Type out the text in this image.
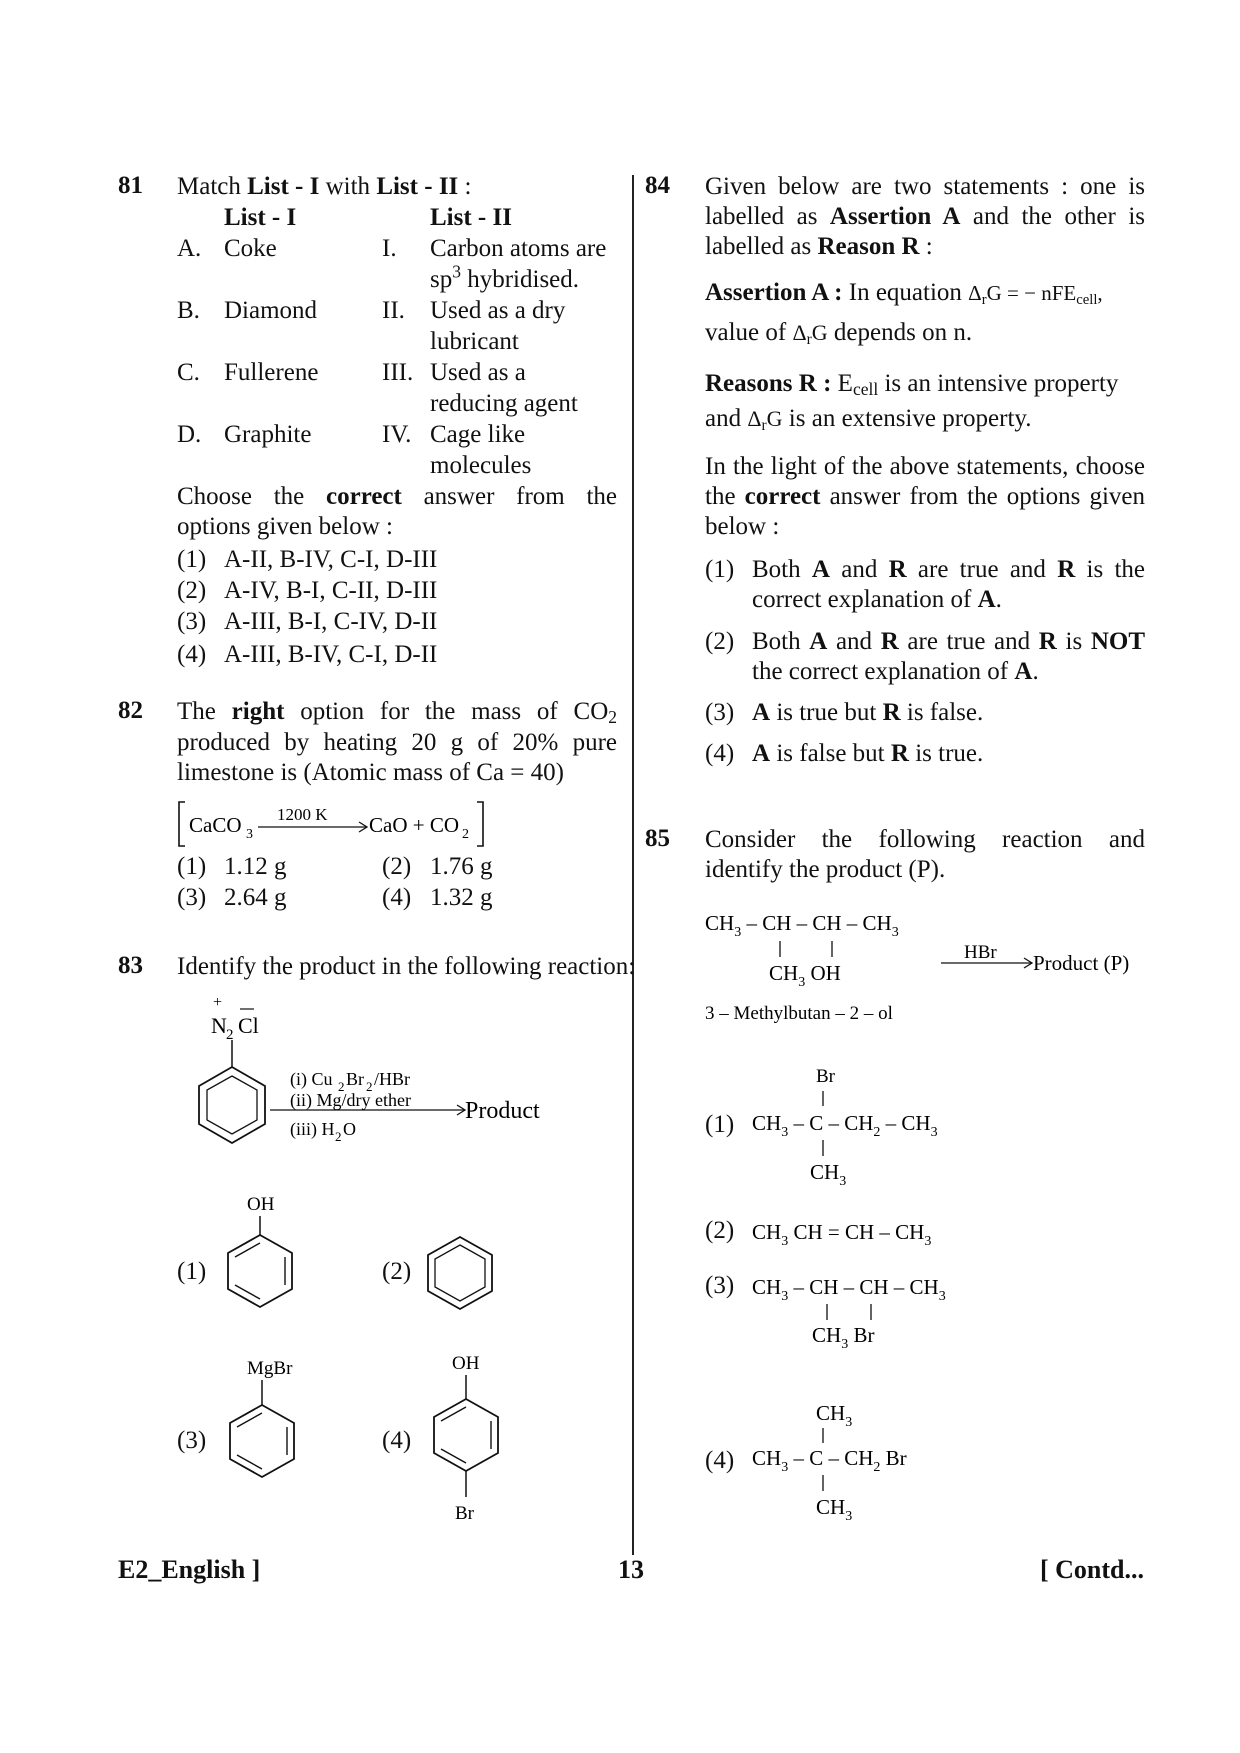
81 Match List - I with List - II :
List - I	List - II
A. Coke	I. Carbon atoms are
$sp^3$ hybridised.
B. Diamond	II. Used as a dry
lubricant
C. Fullerene	III. Used as a
reducing agent
D. Graphite	IV. Cage like
molecules
Choose the correct answer from the options given below :
(1) A-II, B-IV, C-I, D-III
(2) A-IV, B-I, C-II, D-III
(3) A-III, B-I, C-IV, D-II
(4) A-III, B-IV, C-I, D-II
82 The right option for the mass of $CO_2$
produced by heating 20 g of 20% pure limestone is (Atomic mass of Ca = 40)
CaCO 3
1200 K CaO + CO 2
(1) 1.12 g	(2) 1.76 g
(3) 2.64 g	(4) 1.32 g
83 Identify the product in the following reaction:
+
N 2 Cl
(i) Cu 2 Br 2 /HBr
(ii) Mg/dry ether
(iii) H 2 O
Product
(1)
OH
(2)
(3)
MgBr
(4)
OH
Br
84 Given below are two statements : one is labelled as Assertion A and the other is labelled as Reason R :
Assertion A : In equation $\Delta_rG$ = − nFE$_{cell}$,
value of $\Delta_rG$ depends on n.
Reasons R : $E_{cell}$ is an intensive property
and $\Delta_rG$ is an extensive property.
In the light of the above statements, choose the correct answer from the options given below :
(1) Both A and R are true and R is the correct explanation of A.
(2) Both A and R are true and R is NOT the correct explanation of A.
(3) A is true but R is false.
(4) A is false but R is true.
85 Consider the following reaction and identify the product (P).
$CH_3$ – CH – CH – $CH_3$
$CH_3$ OH
HBr Product (P)
3 – Methylbutan – 2 – ol
(1)
Br
$CH_3$ – C – $CH_2 - CH_3$
$CH_3$
(2) $CH_3$ CH = CH – $CH_3$
(3) $CH_3$ – CH – CH – $CH_3$
$CH_3$ Br
(4)
$CH_3$
$CH_3$ – C – $CH_2$ Br
$CH_3$
E2_English ]	13	[ Contd...
